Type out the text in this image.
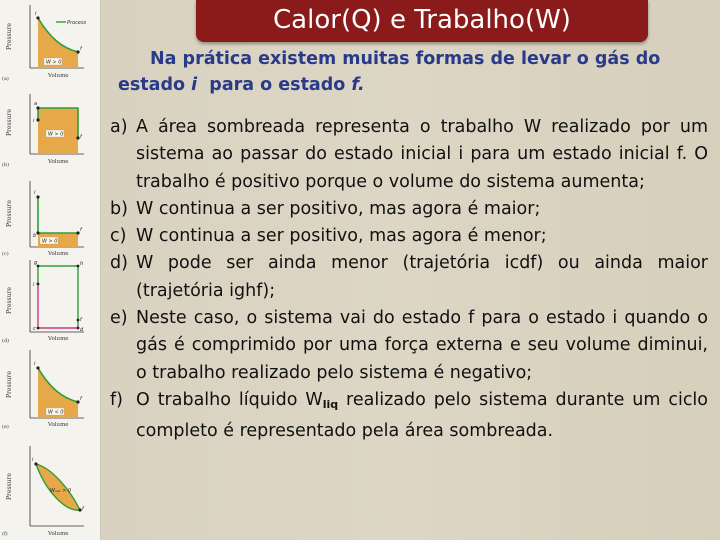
(a)
Pressure
i
f
Process
W > 0
Volume
(b)
Pressure	i
a
f
W > 0
Volume
(c)
Pressure
i
b
f
W > 0
Volume
(d)
Pressure
g	h
i
c	d
f
Volume
(e)
Pressure
i
f
W < 0
Volume
(f)
Pressure
i
f
Wₙₑₜ > 0
Volume
Calor(Q) e Trabalho(W)
Na prática existem muitas formas de levar o gás do
estado i  para o estado f.
a) A área sombreada representa o trabalho W realizado por um sistema ao passar do estado inicial i para um estado inicial f. O trabalho é positivo porque o volume do sistema aumenta;
b) W continua a ser positivo, mas agora é maior;
c) W continua a ser positivo, mas agora é menor;
d) W pode ser ainda menor (trajetória icdf) ou ainda maior (trajetória ighf);
e) Neste caso, o sistema vai do estado f para o estado i quando o gás é comprimido por uma força externa e seu volume diminui, o trabalho realizado pelo sistema é negativo;
f) O trabalho líquido $W_{liq}$ realizado pelo sistema durante um ciclo completo é representado pela área sombreada.
